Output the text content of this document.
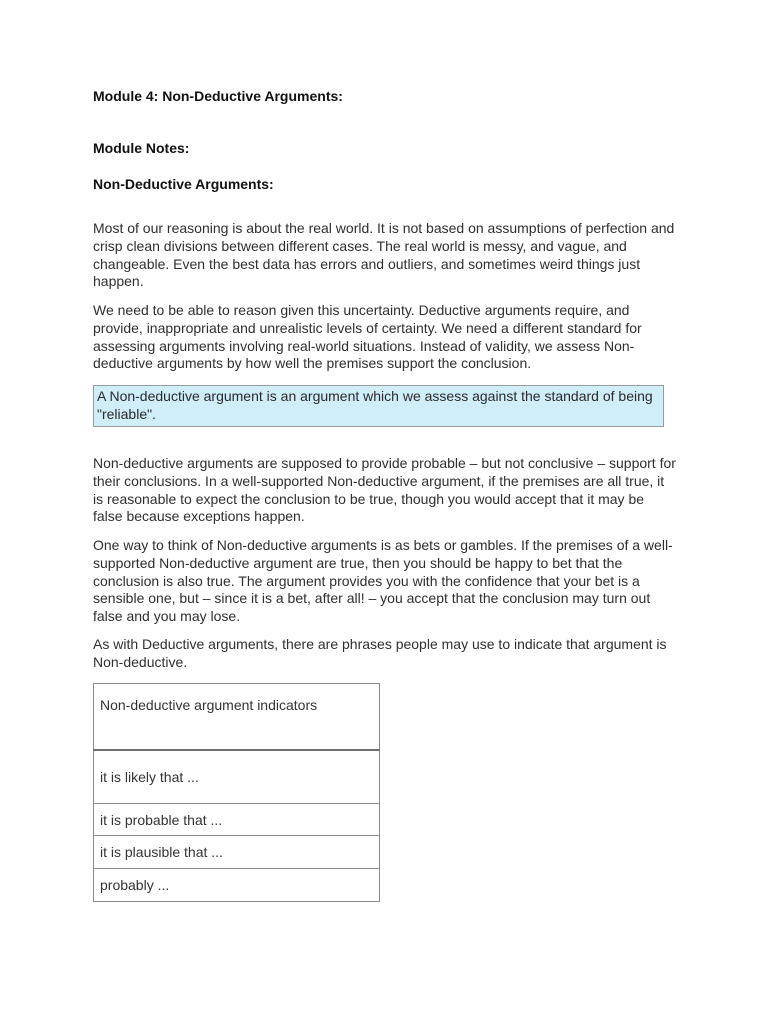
Module 4: Non-Deductive Arguments:
Module Notes:
Non-Deductive Arguments:

Most of our reasoning is about the real world. It is not based on assumptions of perfection and crisp clean divisions between different cases. The real world is messy, and vague, and changeable. Even the best data has errors and outliers, and sometimes weird things just happen.

We need to be able to reason given this uncertainty. Deductive arguments require, and provide, inappropriate and unrealistic levels of certainty. We need a different standard for assessing arguments involving real-world situations. Instead of validity, we assess Non-deductive arguments by how well the premises support the conclusion.

A Non-deductive argument is an argument which we assess against the standard of being "reliable".

Non-deductive arguments are supposed to provide probable – but not conclusive – support for their conclusions. In a well-supported Non-deductive argument, if the premises are all true, it is reasonable to expect the conclusion to be true, though you would accept that it may be false because exceptions happen.

One way to think of Non-deductive arguments is as bets or gambles. If the premises of a well-supported Non-deductive argument are true, then you should be happy to bet that the conclusion is also true. The argument provides you with the confidence that your bet is a sensible one, but – since it is a bet, after all! – you accept that the conclusion may turn out false and you may lose.

As with Deductive arguments, there are phrases people may use to indicate that argument is Non-deductive.

Non-deductive argument indicators
it is likely that ...
it is probable that ...
it is plausible that ...
probably ...
